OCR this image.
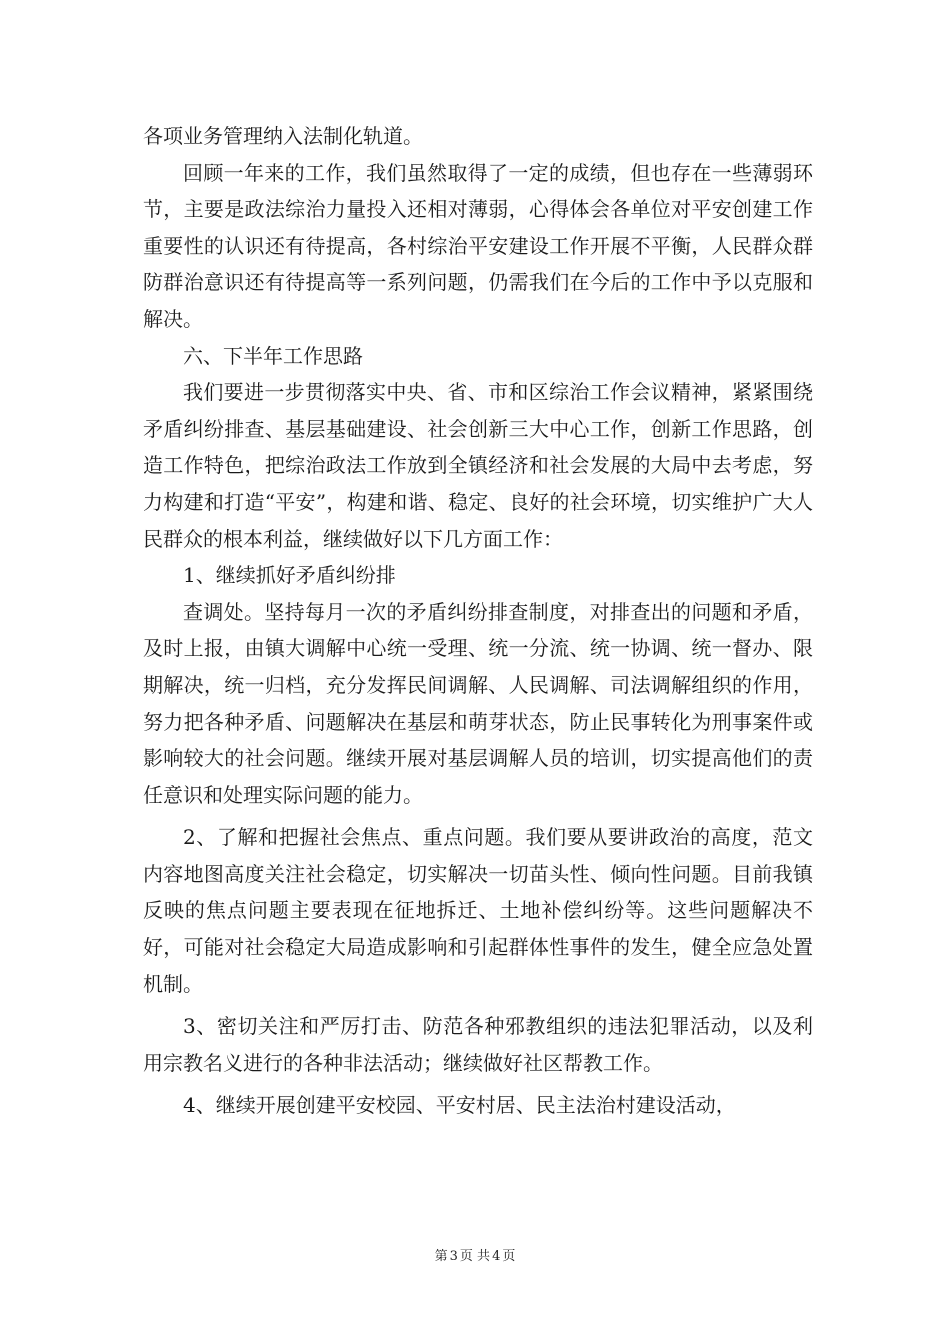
各项业务管理纳入法制化轨道。

回顾一年来的工作，我们虽然取得了一定的成绩，但也存在一些薄弱环节，主要是政法综治力量投入还相对薄弱，心得体会各单位对平安创建工作重要性的认识还有待提高，各村综治平安建设工作开展不平衡，人民群众群防群治意识还有待提高等一系列问题，仍需我们在今后的工作中予以克服和解决。

六、下半年工作思路

我们要进一步贯彻落实中央、省、市和区综治工作会议精神，紧紧围绕矛盾纠纷排查、基层基础建设、社会创新三大中心工作，创新工作思路，创造工作特色，把综治政法工作放到全镇经济和社会发展的大局中去考虑，努力构建和打造“平安”，构建和谐、稳定、良好的社会环境，切实维护广大人民群众的根本利益，继续做好以下几方面工作：

1、继续抓好矛盾纠纷排

查调处。坚持每月一次的矛盾纠纷排查制度，对排查出的问题和矛盾，及时上报，由镇大调解中心统一受理、统一分流、统一协调、统一督办、限期解决，统一归档，充分发挥民间调解、人民调解、司法调解组织的作用，努力把各种矛盾、问题解决在基层和萌芽状态，防止民事转化为刑事案件或影响较大的社会问题。继续开展对基层调解人员的培训，切实提高他们的责任意识和处理实际问题的能力。

2、了解和把握社会焦点、重点问题。我们要从要讲政治的高度，范文内容地图高度关注社会稳定，切实解决一切苗头性、倾向性问题。目前我镇反映的焦点问题主要表现在征地拆迁、土地补偿纠纷等。这些问题解决不好，可能对社会稳定大局造成影响和引起群体性事件的发生，健全应急处置机制。

3、密切关注和严厉打击、防范各种邪教组织的违法犯罪活动，以及利用宗教名义进行的各种非法活动；继续做好社区帮教工作。

4、继续开展创建平安校园、平安村居、民主法治村建设活动，

第 3 页 共 4 页
